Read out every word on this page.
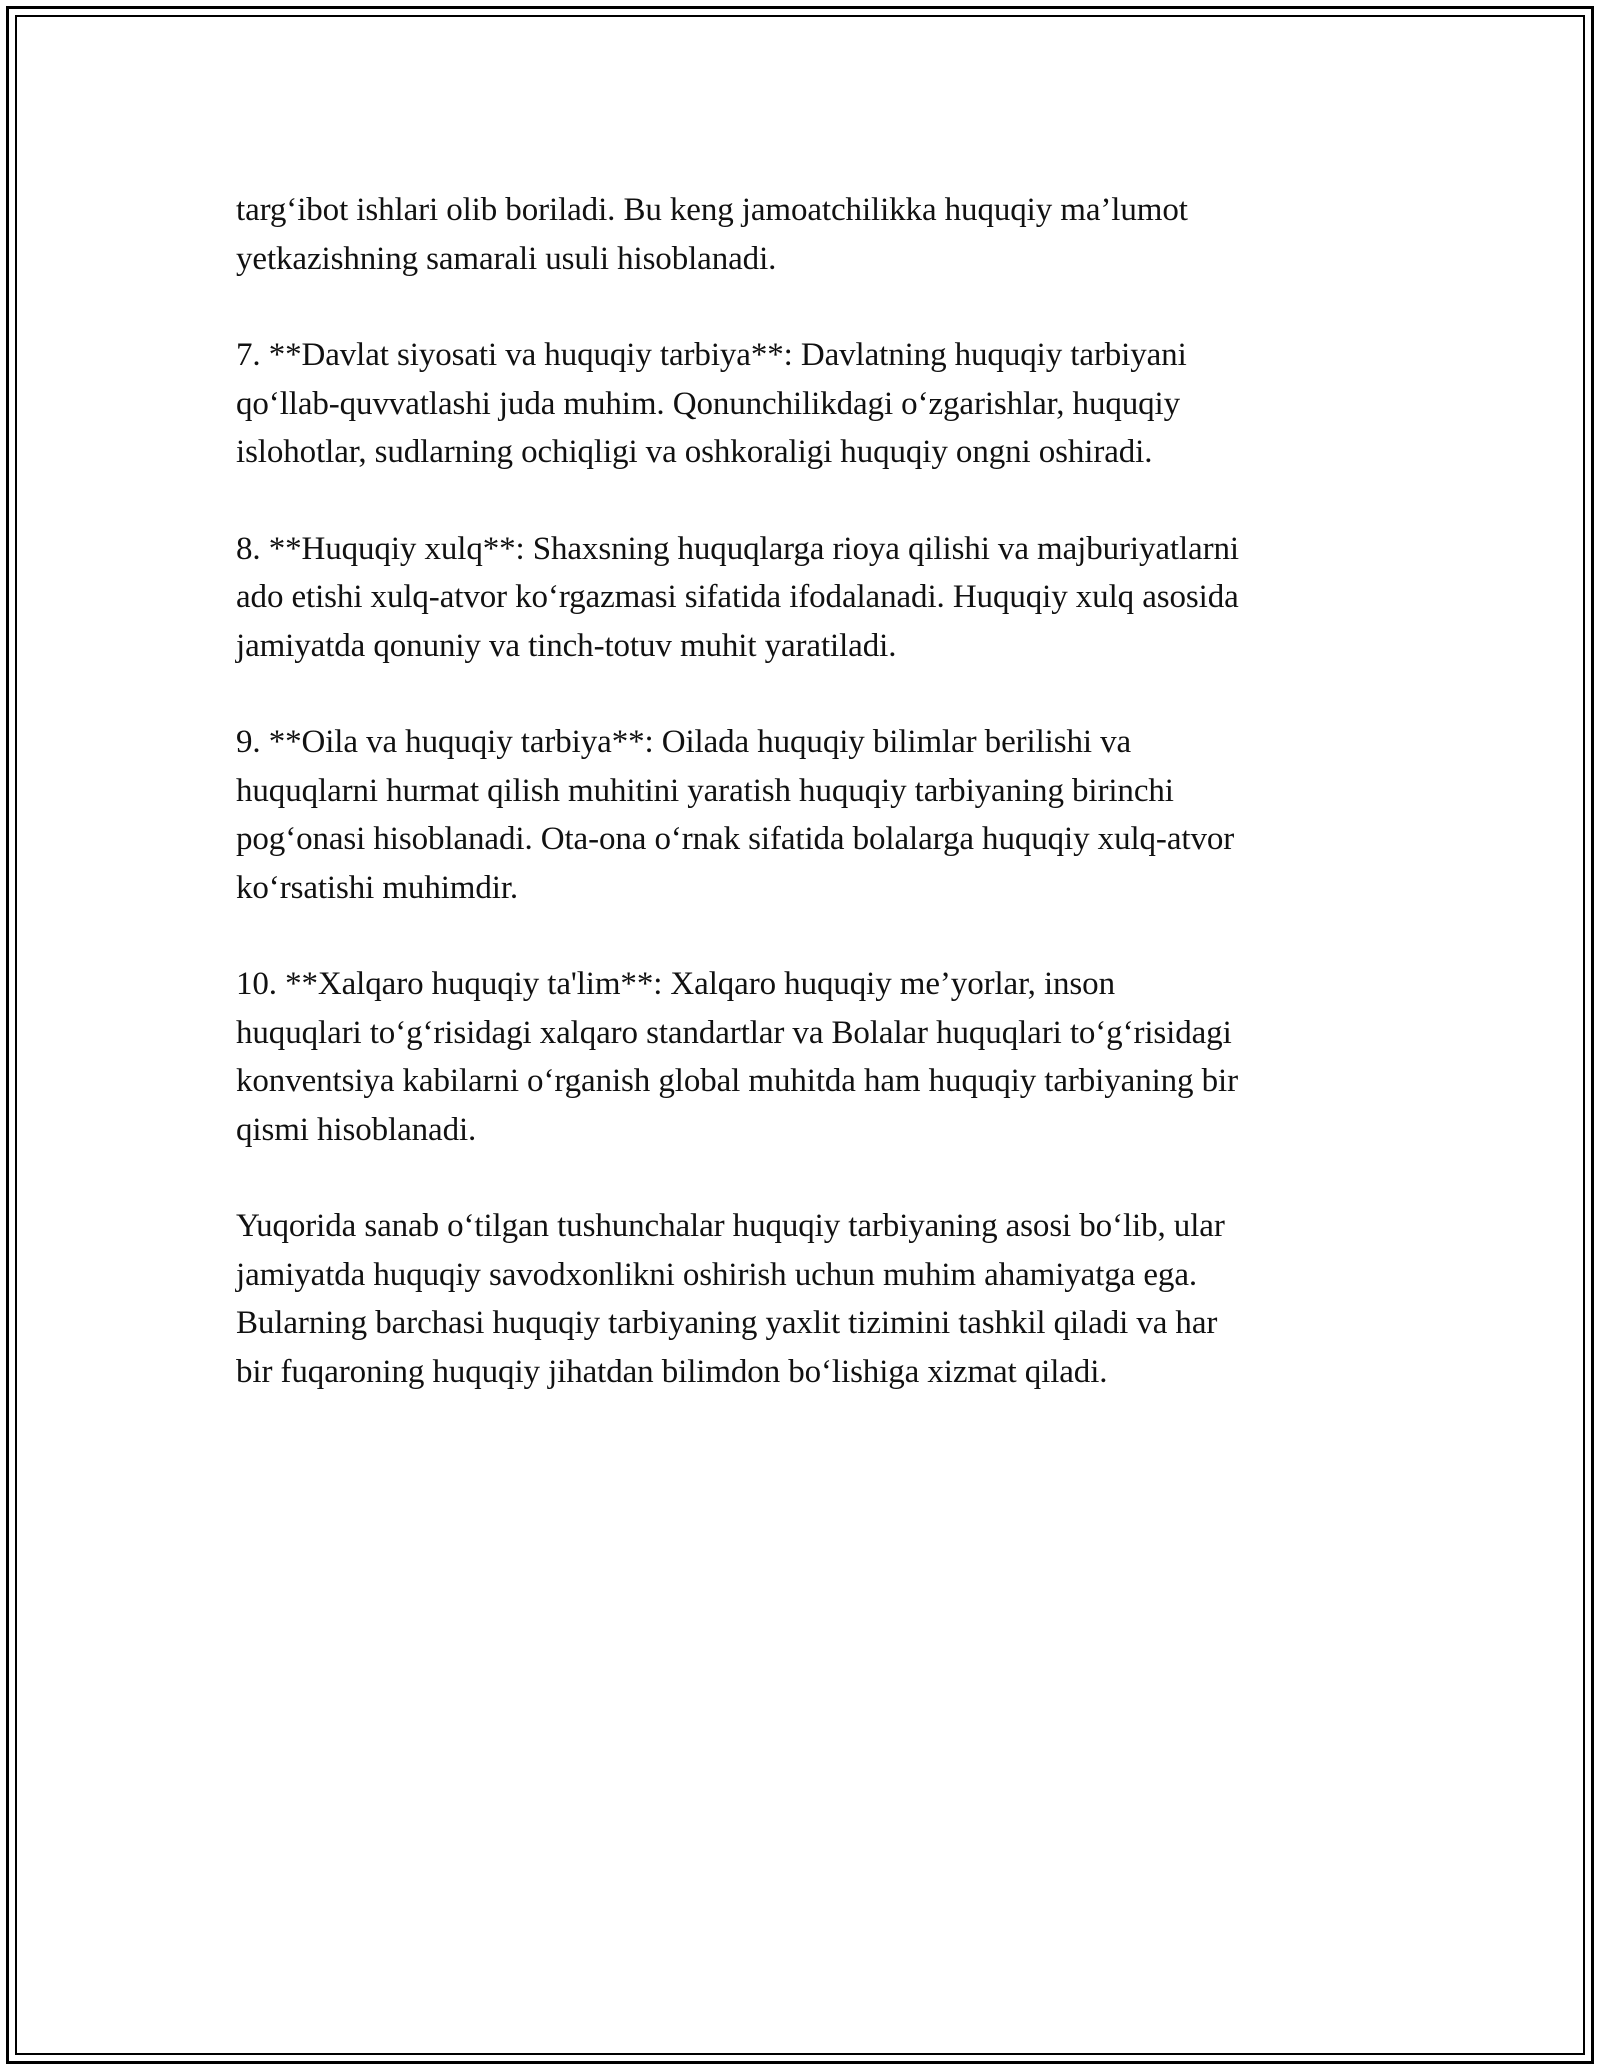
targ‘ibot ishlari olib boriladi. Bu keng jamoatchilikka huquqiy ma’lumot
yetkazishning samarali usuli hisoblanadi.

7. **Davlat siyosati va huquqiy tarbiya**: Davlatning huquqiy tarbiyani
qo‘llab-quvvatlashi juda muhim. Qonunchilikdagi o‘zgarishlar, huquqiy
islohotlar, sudlarning ochiqligi va oshkoraligi huquqiy ongni oshiradi.

8. **Huquqiy xulq**: Shaxsning huquqlarga rioya qilishi va majburiyatlarni
ado etishi xulq-atvor ko‘rgazmasi sifatida ifodalanadi. Huquqiy xulq asosida
jamiyatda qonuniy va tinch-totuv muhit yaratiladi.

9. **Oila va huquqiy tarbiya**: Oilada huquqiy bilimlar berilishi va
huquqlarni hurmat qilish muhitini yaratish huquqiy tarbiyaning birinchi
pog‘onasi hisoblanadi. Ota-ona o‘rnak sifatida bolalarga huquqiy xulq-atvor
ko‘rsatishi muhimdir.

10. **Xalqaro huquqiy ta'lim**: Xalqaro huquqiy me’yorlar, inson
huquqlari to‘g‘risidagi xalqaro standartlar va Bolalar huquqlari to‘g‘risidagi
konventsiya kabilarni o‘rganish global muhitda ham huquqiy tarbiyaning bir
qismi hisoblanadi.

Yuqorida sanab o‘tilgan tushunchalar huquqiy tarbiyaning asosi bo‘lib, ular
jamiyatda huquqiy savodxonlikni oshirish uchun muhim ahamiyatga ega.
Bularning barchasi huquqiy tarbiyaning yaxlit tizimini tashkil qiladi va har
bir fuqaroning huquqiy jihatdan bilimdon bo‘lishiga xizmat qiladi.
